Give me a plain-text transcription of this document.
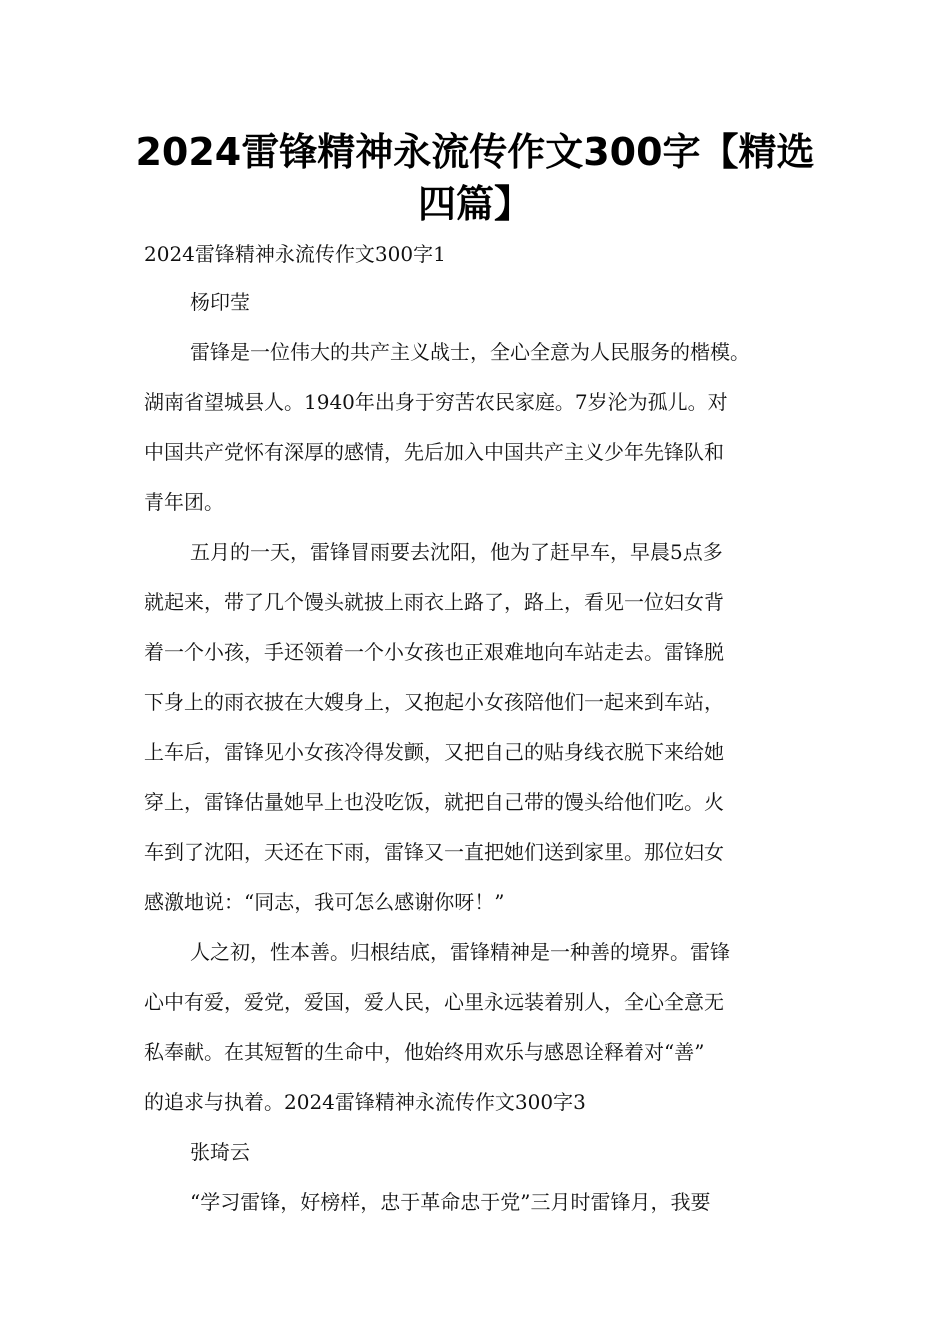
2024雷锋精神永流传作文300字【精选
四篇】
2024雷锋精神永流传作文300字1
杨印莹
雷锋是一位伟大的共产主义战士，全心全意为人民服务的楷模。
湖南省望城县人。1940年出身于穷苦农民家庭。7岁沦为孤儿。对
中国共产党怀有深厚的感情，先后加入中国共产主义少年先锋队和
青年团。
五月的一天，雷锋冒雨要去沈阳，他为了赶早车，早晨5点多
就起来，带了几个馒头就披上雨衣上路了，路上，看见一位妇女背
着一个小孩，手还领着一个小女孩也正艰难地向车站走去。雷锋脱
下身上的雨衣披在大嫂身上，又抱起小女孩陪他们一起来到车站，
上车后，雷锋见小女孩冷得发颤，又把自己的贴身线衣脱下来给她
穿上，雷锋估量她早上也没吃饭，就把自己带的馒头给他们吃。火
车到了沈阳，天还在下雨，雷锋又一直把她们送到家里。那位妇女
感激地说：“同志，我可怎么感谢你呀！”
人之初，性本善。归根结底，雷锋精神是一种善的境界。雷锋
心中有爱，爱党，爱国，爱人民，心里永远装着别人，全心全意无
私奉献。在其短暂的生命中，他始终用欢乐与感恩诠释着对“善”
的追求与执着。2024雷锋精神永流传作文300字3
张琦云
“学习雷锋，好榜样，忠于革命忠于党”三月时雷锋月，我要
